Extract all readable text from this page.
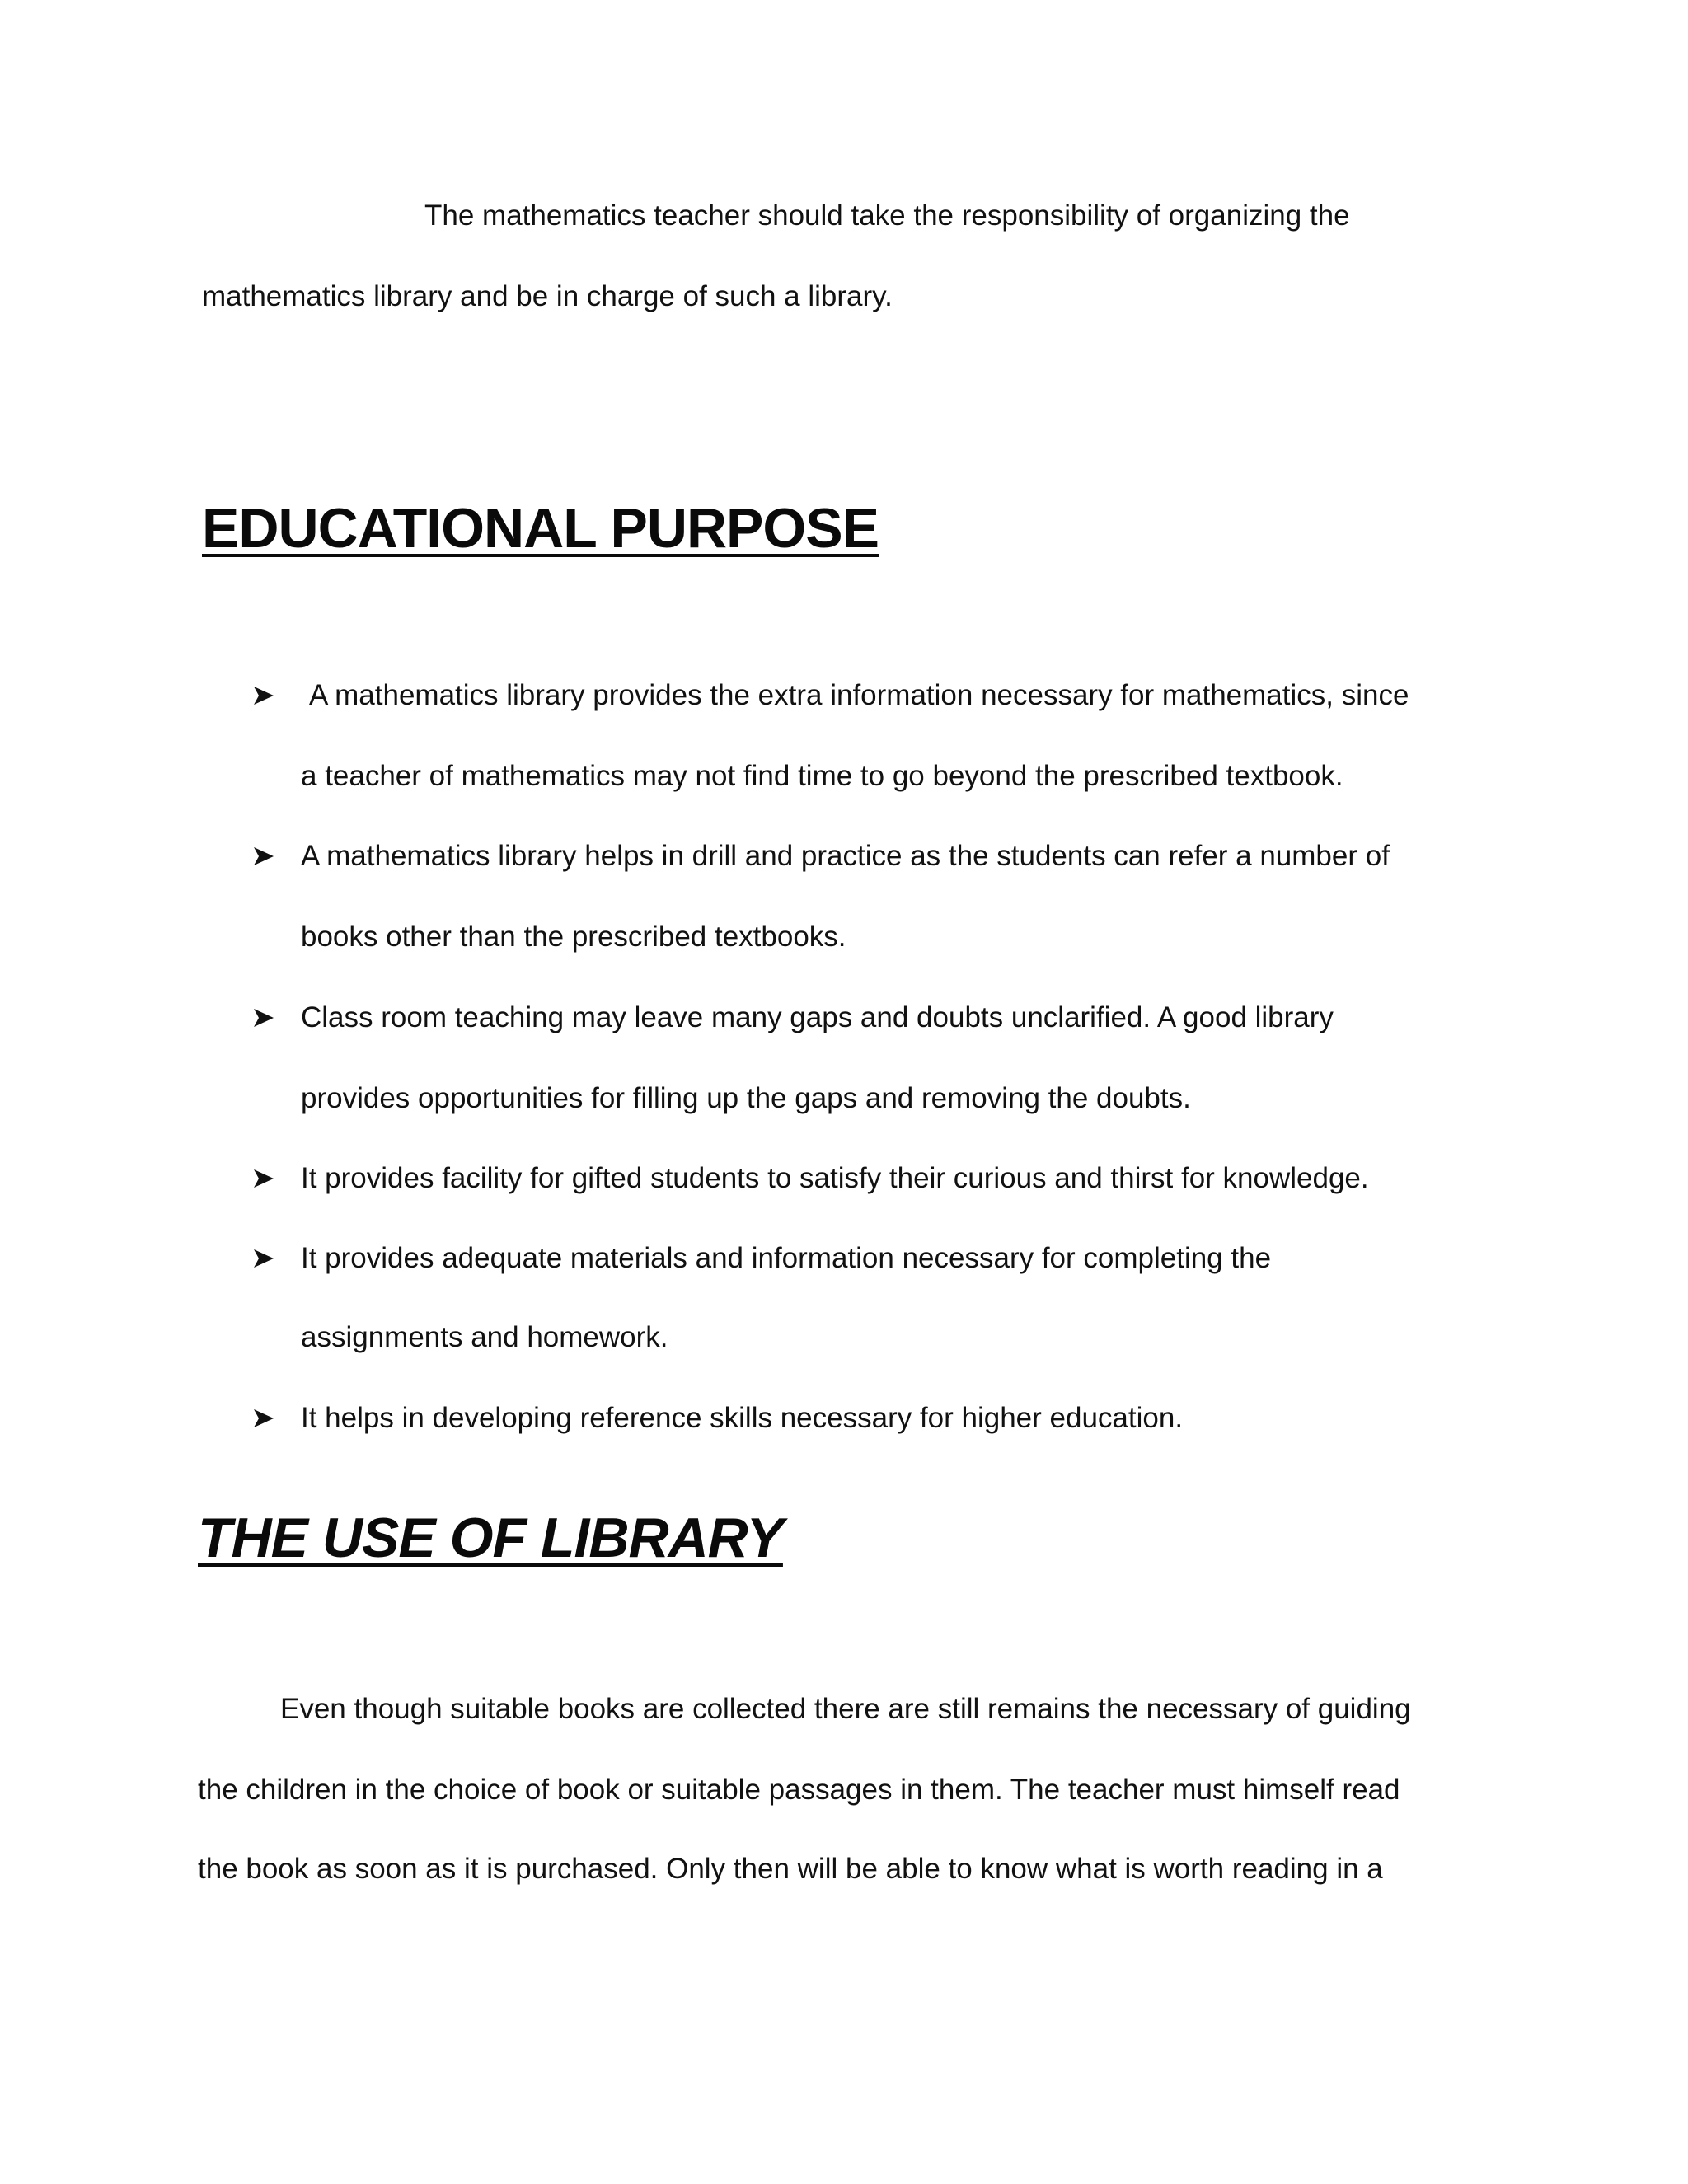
The mathematics teacher should take the responsibility of organizing the
mathematics library and be in charge of such a library.
EDUCATIONAL PURPOSE
A mathematics library provides the extra information necessary for mathematics, since
a teacher of mathematics may not find time to go beyond the prescribed textbook.
A mathematics library helps in drill and practice as the students can refer a number of
books other than the prescribed textbooks.
Class room teaching may leave many gaps and doubts unclarified. A good library
provides opportunities for filling up the gaps and removing the doubts.
It provides facility for gifted students to satisfy their curious and thirst for knowledge.
It provides adequate materials and information necessary for completing the
assignments and homework.
It helps in developing reference skills necessary for higher education.
THE USE OF LIBRARY
Even though suitable books are collected there are still remains the necessary of guiding
the children in the choice of book or suitable passages in them. The teacher must himself read
the book as soon as it is purchased. Only then will be able to know what is worth reading in a
